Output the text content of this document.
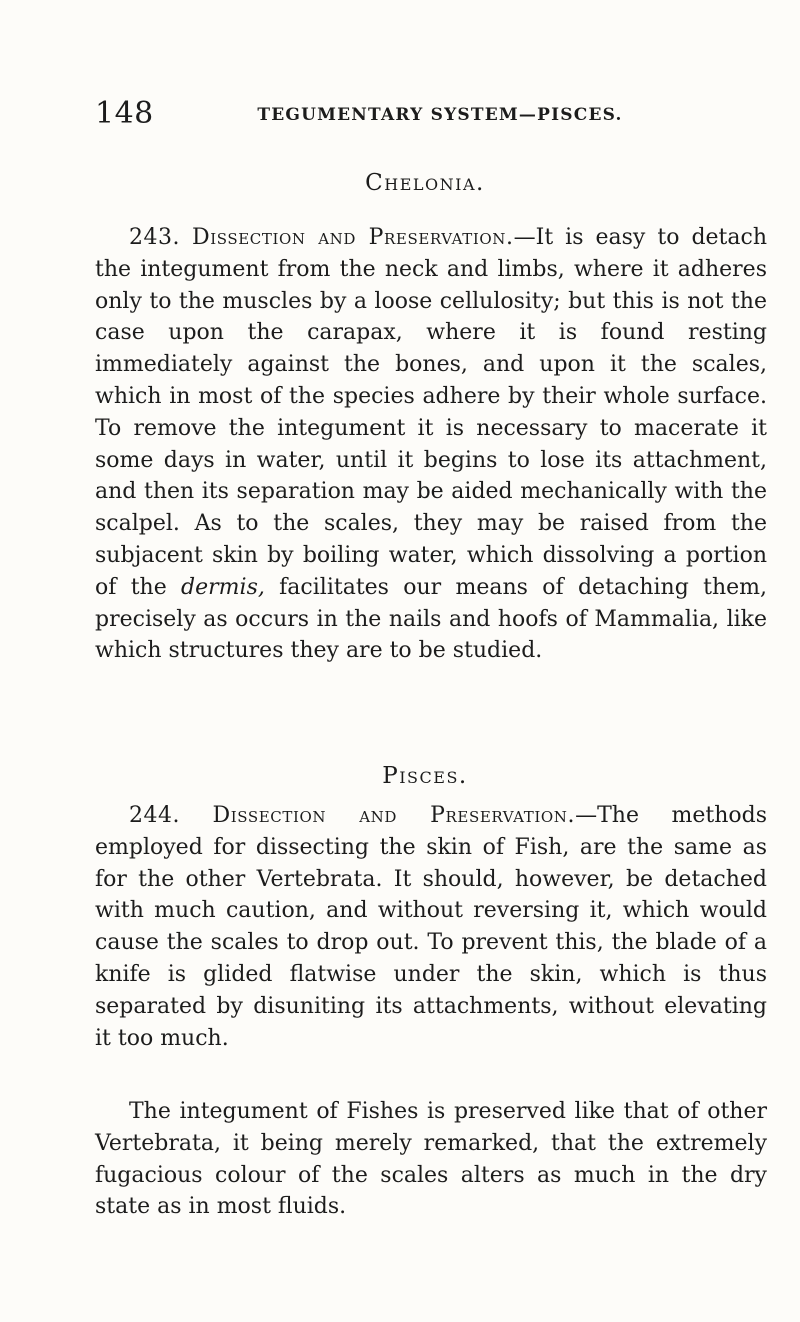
148	TEGUMENTARY SYSTEM—PISCES.
Chelonia.

243. Dissection and Preservation.—It is easy to detach the integument from the neck and limbs, where it adheres only to the muscles by a loose cellulosity; but this is not the case upon the carapax, where it is found resting immediately against the bones, and upon it the scales, which in most of the species adhere by their whole surface. To remove the integument it is necessary to macerate it some days in water, until it begins to lose its attachment, and then its separation may be aided mechanically with the scalpel. As to the scales, they may be raised from the subjacent skin by boiling water, which dissolving a portion of the dermis, facilitates our means of detaching them, precisely as occurs in the nails and hoofs of Mammalia, like which structures they are to be studied.

Pisces.

244. Dissection and Preservation.—The methods employed for dissecting the skin of Fish, are the same as for the other Vertebrata. It should, however, be detached with much caution, and without reversing it, which would cause the scales to drop out. To prevent this, the blade of a knife is glided flatwise under the skin, which is thus separated by disuniting its attachments, without elevating it too much.

The integument of Fishes is preserved like that of other Vertebrata, it being merely remarked, that the extremely fugacious colour of the scales alters as much in the dry state as in most fluids.
